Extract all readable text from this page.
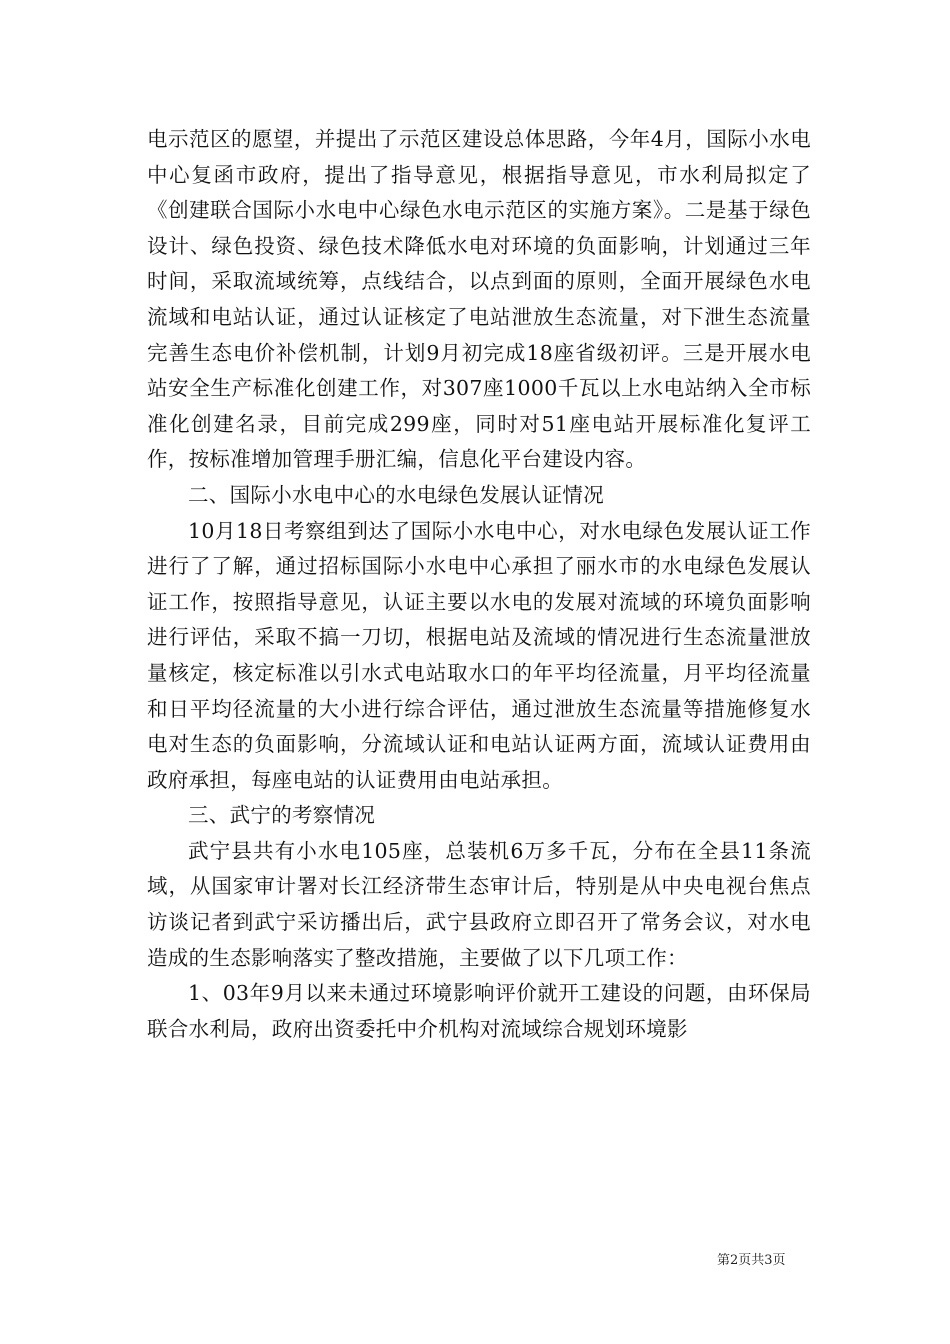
电示范区的愿望，并提出了示范区建设总体思路，今年4月，国际小水电中心复函市政府，提出了指导意见，根据指导意见，市水利局拟定了《创建联合国际小水电中心绿色水电示范区的实施方案》。二是基于绿色设计、绿色投资、绿色技术降低水电对环境的负面影响，计划通过三年时间，采取流域统筹，点线结合，以点到面的原则，全面开展绿色水电流域和电站认证，通过认证核定了电站泄放生态流量，对下泄生态流量完善生态电价补偿机制，计划9月初完成18座省级初评。三是开展水电站安全生产标准化创建工作，对307座1000千瓦以上水电站纳入全市标准化创建名录，目前完成299座，同时对51座电站开展标准化复评工作，按标准增加管理手册汇编，信息化平台建设内容。

二、国际小水电中心的水电绿色发展认证情况

10月18日考察组到达了国际小水电中心，对水电绿色发展认证工作进行了了解，通过招标国际小水电中心承担了丽水市的水电绿色发展认证工作，按照指导意见，认证主要以水电的发展对流域的环境负面影响进行评估，采取不搞一刀切，根据电站及流域的情况进行生态流量泄放量核定，核定标准以引水式电站取水口的年平均径流量，月平均径流量和日平均径流量的大小进行综合评估，通过泄放生态流量等措施修复水电对生态的负面影响，分流域认证和电站认证两方面，流域认证费用由政府承担，每座电站的认证费用由电站承担。

三、武宁的考察情况

武宁县共有小水电105座，总装机6万多千瓦，分布在全县11条流域，从国家审计署对长江经济带生态审计后，特别是从中央电视台焦点访谈记者到武宁采访播出后，武宁县政府立即召开了常务会议，对水电造成的生态影响落实了整改措施，主要做了以下几项工作：

1、03年9月以来未通过环境影响评价就开工建设的问题，由环保局联合水利局，政府出资委托中介机构对流域综合规划环境影

第2页共3页
